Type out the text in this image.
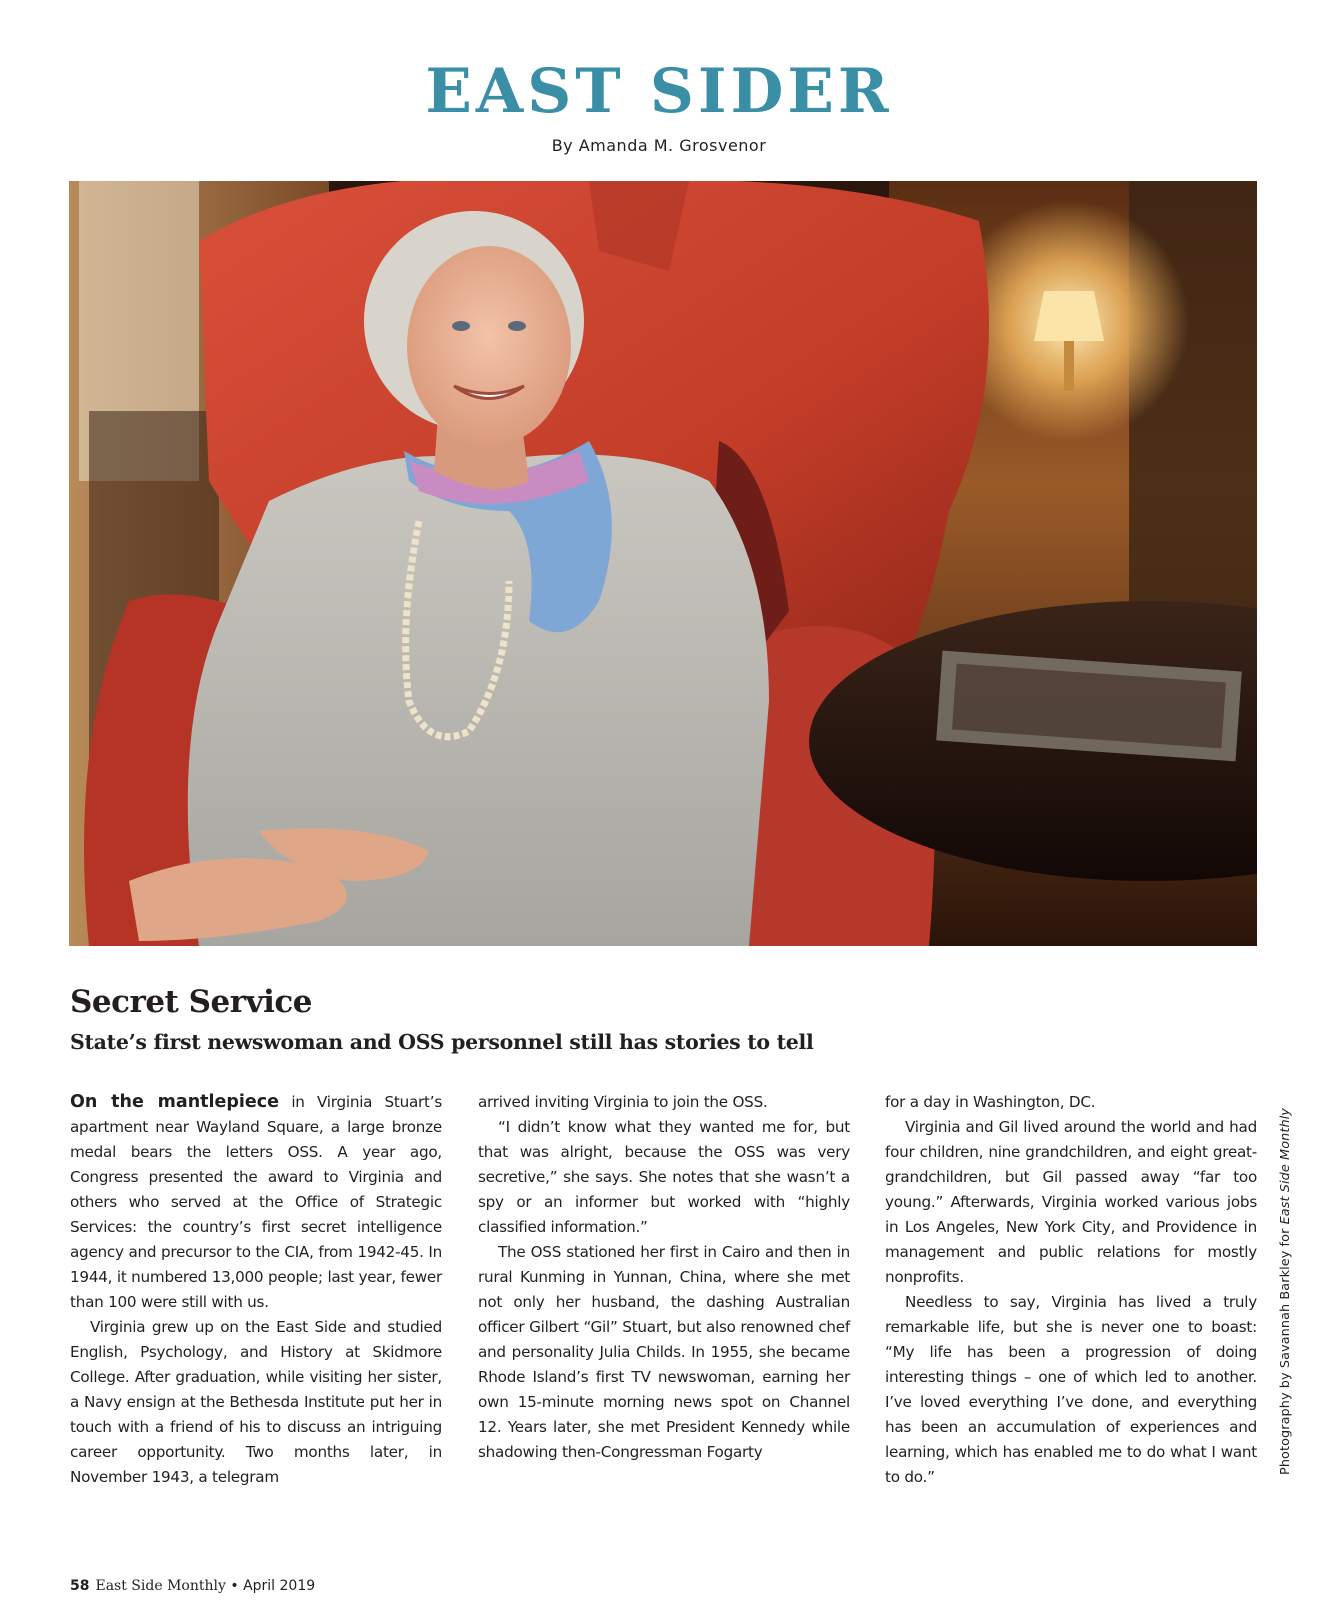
EAST SIDER
By Amanda M. Grosvenor
Secret Service
State’s first newswoman and OSS personnel still has stories to tell

On the mantlepiece in Virginia Stuart’s apartment near Wayland Square, a large bronze medal bears the letters OSS. A year ago, Congress presented the award to Virginia and others who served at the Office of Strategic Services: the country’s first secret intelligence agency and precursor to the CIA, from 1942-45. In 1944, it numbered 13,000 people; last year, fewer than 100 were still with us.

Virginia grew up on the East Side and studied English, Psychology, and History at Skidmore College. After graduation, while visiting her sister, a Navy ensign at the Bethesda Institute put her in touch with a friend of his to discuss an intriguing career opportunity. Two months later, in November 1943, a telegram

arrived inviting Virginia to join the OSS.

“I didn’t know what they wanted me for, but that was alright, because the OSS was very secretive,” she says. She notes that she wasn’t a spy or an informer but worked with “highly classified information.”

The OSS stationed her first in Cairo and then in rural Kunming in Yunnan, China, where she met not only her husband, the dashing Australian officer Gilbert “Gil” Stuart, but also renowned chef and personality Julia Childs. In 1955, she became Rhode Island’s first TV newswoman, earning her own 15-minute morning news spot on Channel 12. Years later, she met President Kennedy while shadowing then-Congressman Fogarty

for a day in Washington, DC.

Virginia and Gil lived around the world and had four children, nine grandchildren, and eight great-grandchildren, but Gil passed away “far too young.” Afterwards, Virginia worked various jobs in Los Angeles, New York City, and Providence in management and public relations for mostly nonprofits.

Needless to say, Virginia has lived a truly remarkable life, but she is never one to boast: “My life has been a progression of doing interesting things – one of which led to another. I’ve loved everything I’ve done, and everything has been an accumulation of experiences and learning, which has enabled me to do what I want to do.”

Photography by Savannah Barkley for East Side Monthly
58 East Side Monthly • April 2019
